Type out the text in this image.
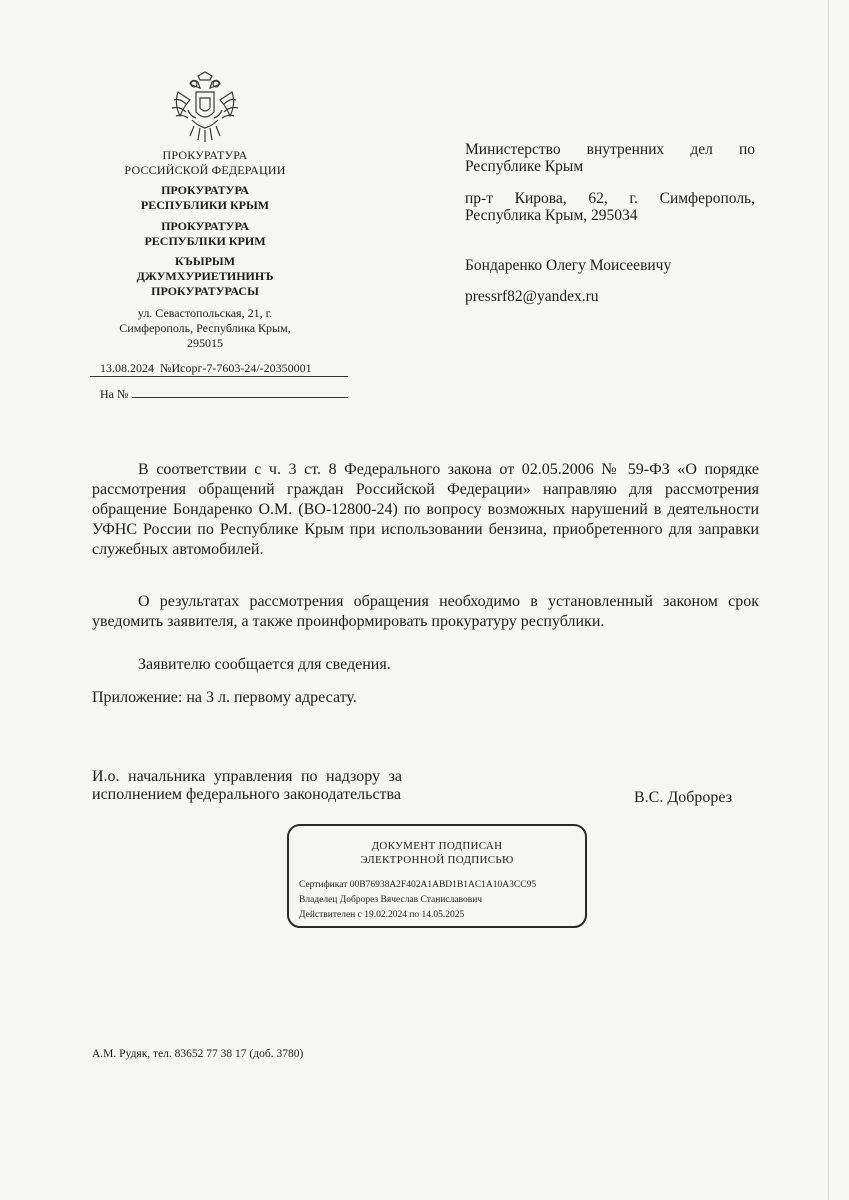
ПРОКУРАТУРА
РОССИЙСКОЙ ФЕДЕРАЦИИ
ПРОКУРАТУРА
РЕСПУБЛИКИ КРЫМ
ПРОКУРАТУРА
РЕСПУБЛIКИ КРИМ
КЪЫРЫМ
ДЖУМХУРИЕТИНИНЪ
ПРОКУРАТУРАСЫ
ул. Севастопольская, 21, г.
Симферополь, Республика Крым,
295015
13.08.2024 №Исорг-7-7603-24/-20350001
На №
Министерство внутренних дел по Республике Крым
пр-т Кирова, 62, г. Симферополь, Республика Крым, 295034
Бондаренко Олегу Моисеевичу
pressrf82@yandex.ru

В соответствии с ч. 3 ст. 8 Федерального закона от 02.05.2006 № 59-ФЗ «О порядке рассмотрения обращений граждан Российской Федерации» направляю для рассмотрения обращение Бондаренко О.М. (ВО-12800-24) по вопросу возможных нарушений в деятельности УФНС России по Республике Крым при использовании бензина, приобретенного для заправки служебных автомобилей.

О результатах рассмотрения обращения необходимо в установленный законом срок уведомить заявителя, а также проинформировать прокуратуру республики.

Заявителю сообщается для сведения.

Приложение: на 3 л. первому адресату.
И.о. начальника управления по надзору за исполнением федерального законодательства	В.С. Доброрез
ДОКУМЕНТ ПОДПИСАН
ЭЛЕКТРОННОЙ ПОДПИСЬЮ
Сертификат 00B76938A2F402A1ABD1B1AC1A10A3CC95
Владелец Доброрез Вячеслав Станиславович
Действителен с 19.02.2024 по 14.05.2025
А.М. Рудяк, тел. 83652 77 38 17 (доб. 3780)
